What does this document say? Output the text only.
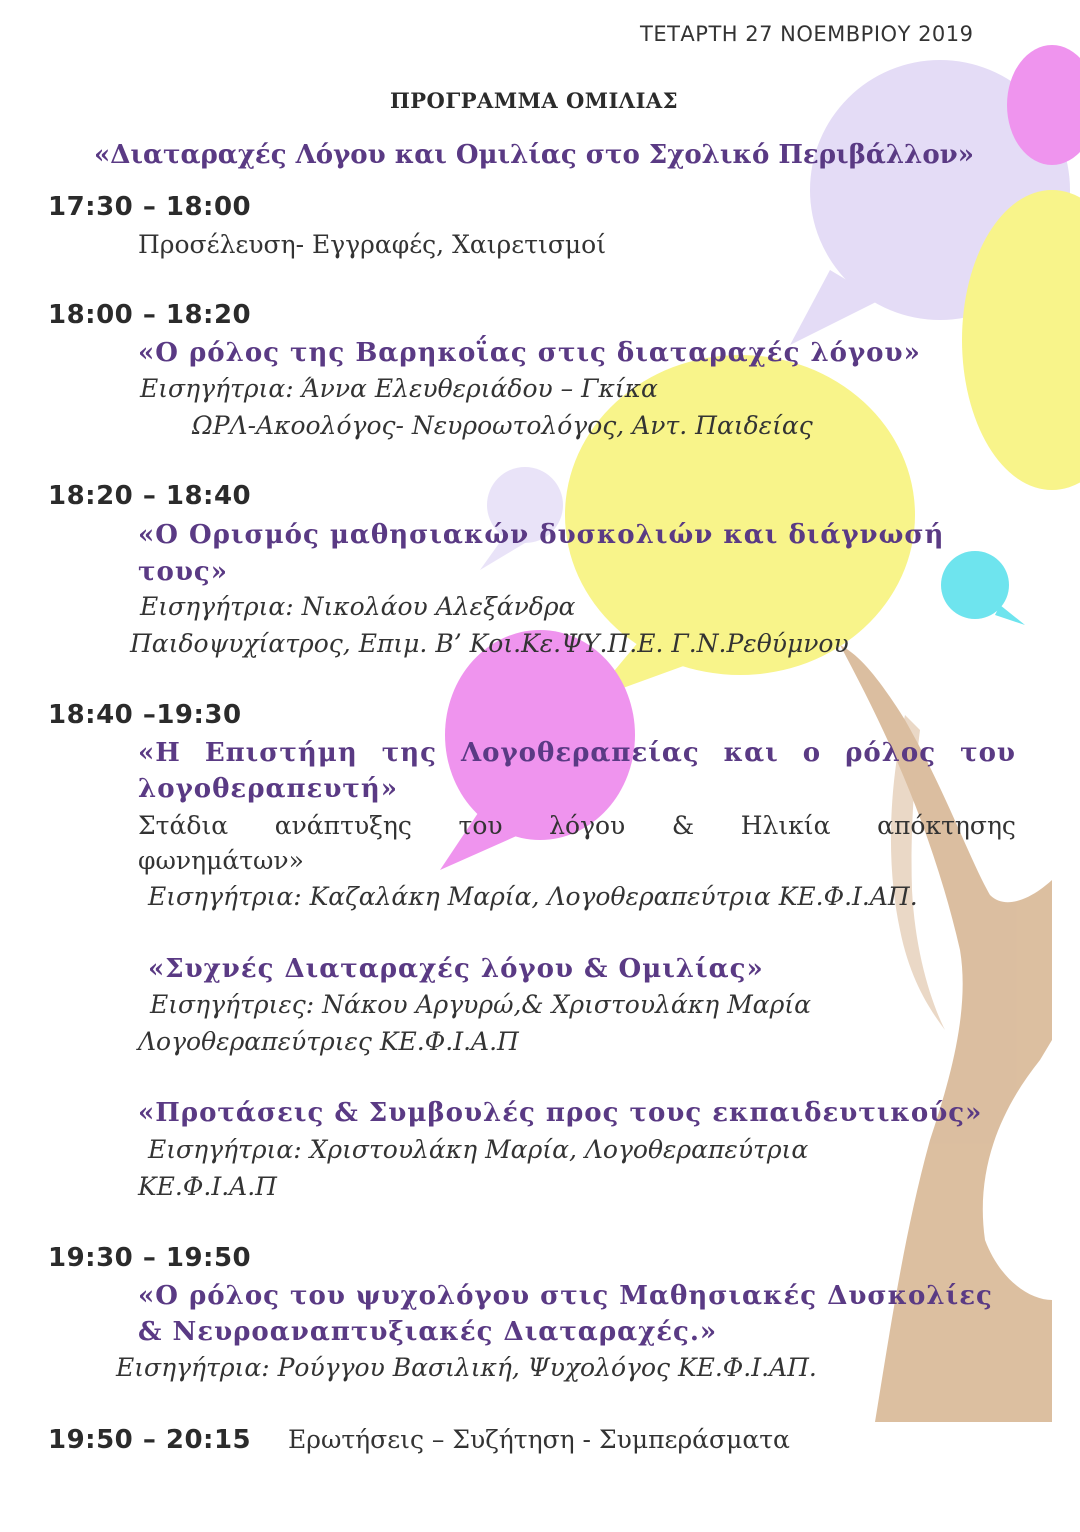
ΤΕΤΑΡΤΗ 27 ΝΟΕΜΒΡΙΟΥ 2019
ΠΡΟΓΡΑΜΜΑ ΟΜΙΛΙΑΣ
«Διαταραχές Λόγου και Ομιλίας στο Σχολικό Περιβάλλον»
17:30 – 18:00
Προσέλευση- Εγγραφές, Χαιρετισμοί
18:00 – 18:20
«Ο ρόλος της Βαρηκοΐας στις διαταραχές λόγου»
Εισηγήτρια: Άννα Ελευθεριάδου – Γκίκα
ΩΡΛ-Ακοολόγος- Νευροωτολόγος, Αντ. Παιδείας
18:20 – 18:40
«Ο Ορισμός μαθησιακών δυσκολιών και διάγνωσή
τους»
Εισηγήτρια: Νικολάου Αλεξάνδρα
Παιδοψυχίατρος, Επιμ. Β’ Κοι.Κε.ΨΥ.Π.Ε. Γ.Ν.Ρεθύμνου
18:40 –19:30
«Η Επιστήμη της Λογοθεραπείας και ο ρόλος του
λογοθεραπευτή»
Στάδια ανάπτυξης του λόγου & Ηλικία απόκτησης
φωνημάτων»
Εισηγήτρια: Καζαλάκη Μαρία, Λογοθεραπεύτρια ΚΕ.Φ.Ι.ΑΠ.
«Συχνές Διαταραχές λόγου & Ομιλίας»
Εισηγήτριες: Νάκου Αργυρώ,& Χριστουλάκη Μαρία
Λογοθεραπεύτριες ΚΕ.Φ.Ι.Α.Π
«Προτάσεις & Συμβουλές προς τους εκπαιδευτικούς»
Εισηγήτρια: Χριστουλάκη Μαρία, Λογοθεραπεύτρια
ΚΕ.Φ.Ι.Α.Π
19:30 – 19:50
«Ο ρόλος του ψυχολόγου στις Μαθησιακές Δυσκολίες
& Νευροαναπτυξιακές Διαταραχές.»
Εισηγήτρια: Ρούγγου Βασιλική, Ψυχολόγος ΚΕ.Φ.Ι.ΑΠ.
19:50 – 20:15 Ερωτήσεις – Συζήτηση - Συμπεράσματα
